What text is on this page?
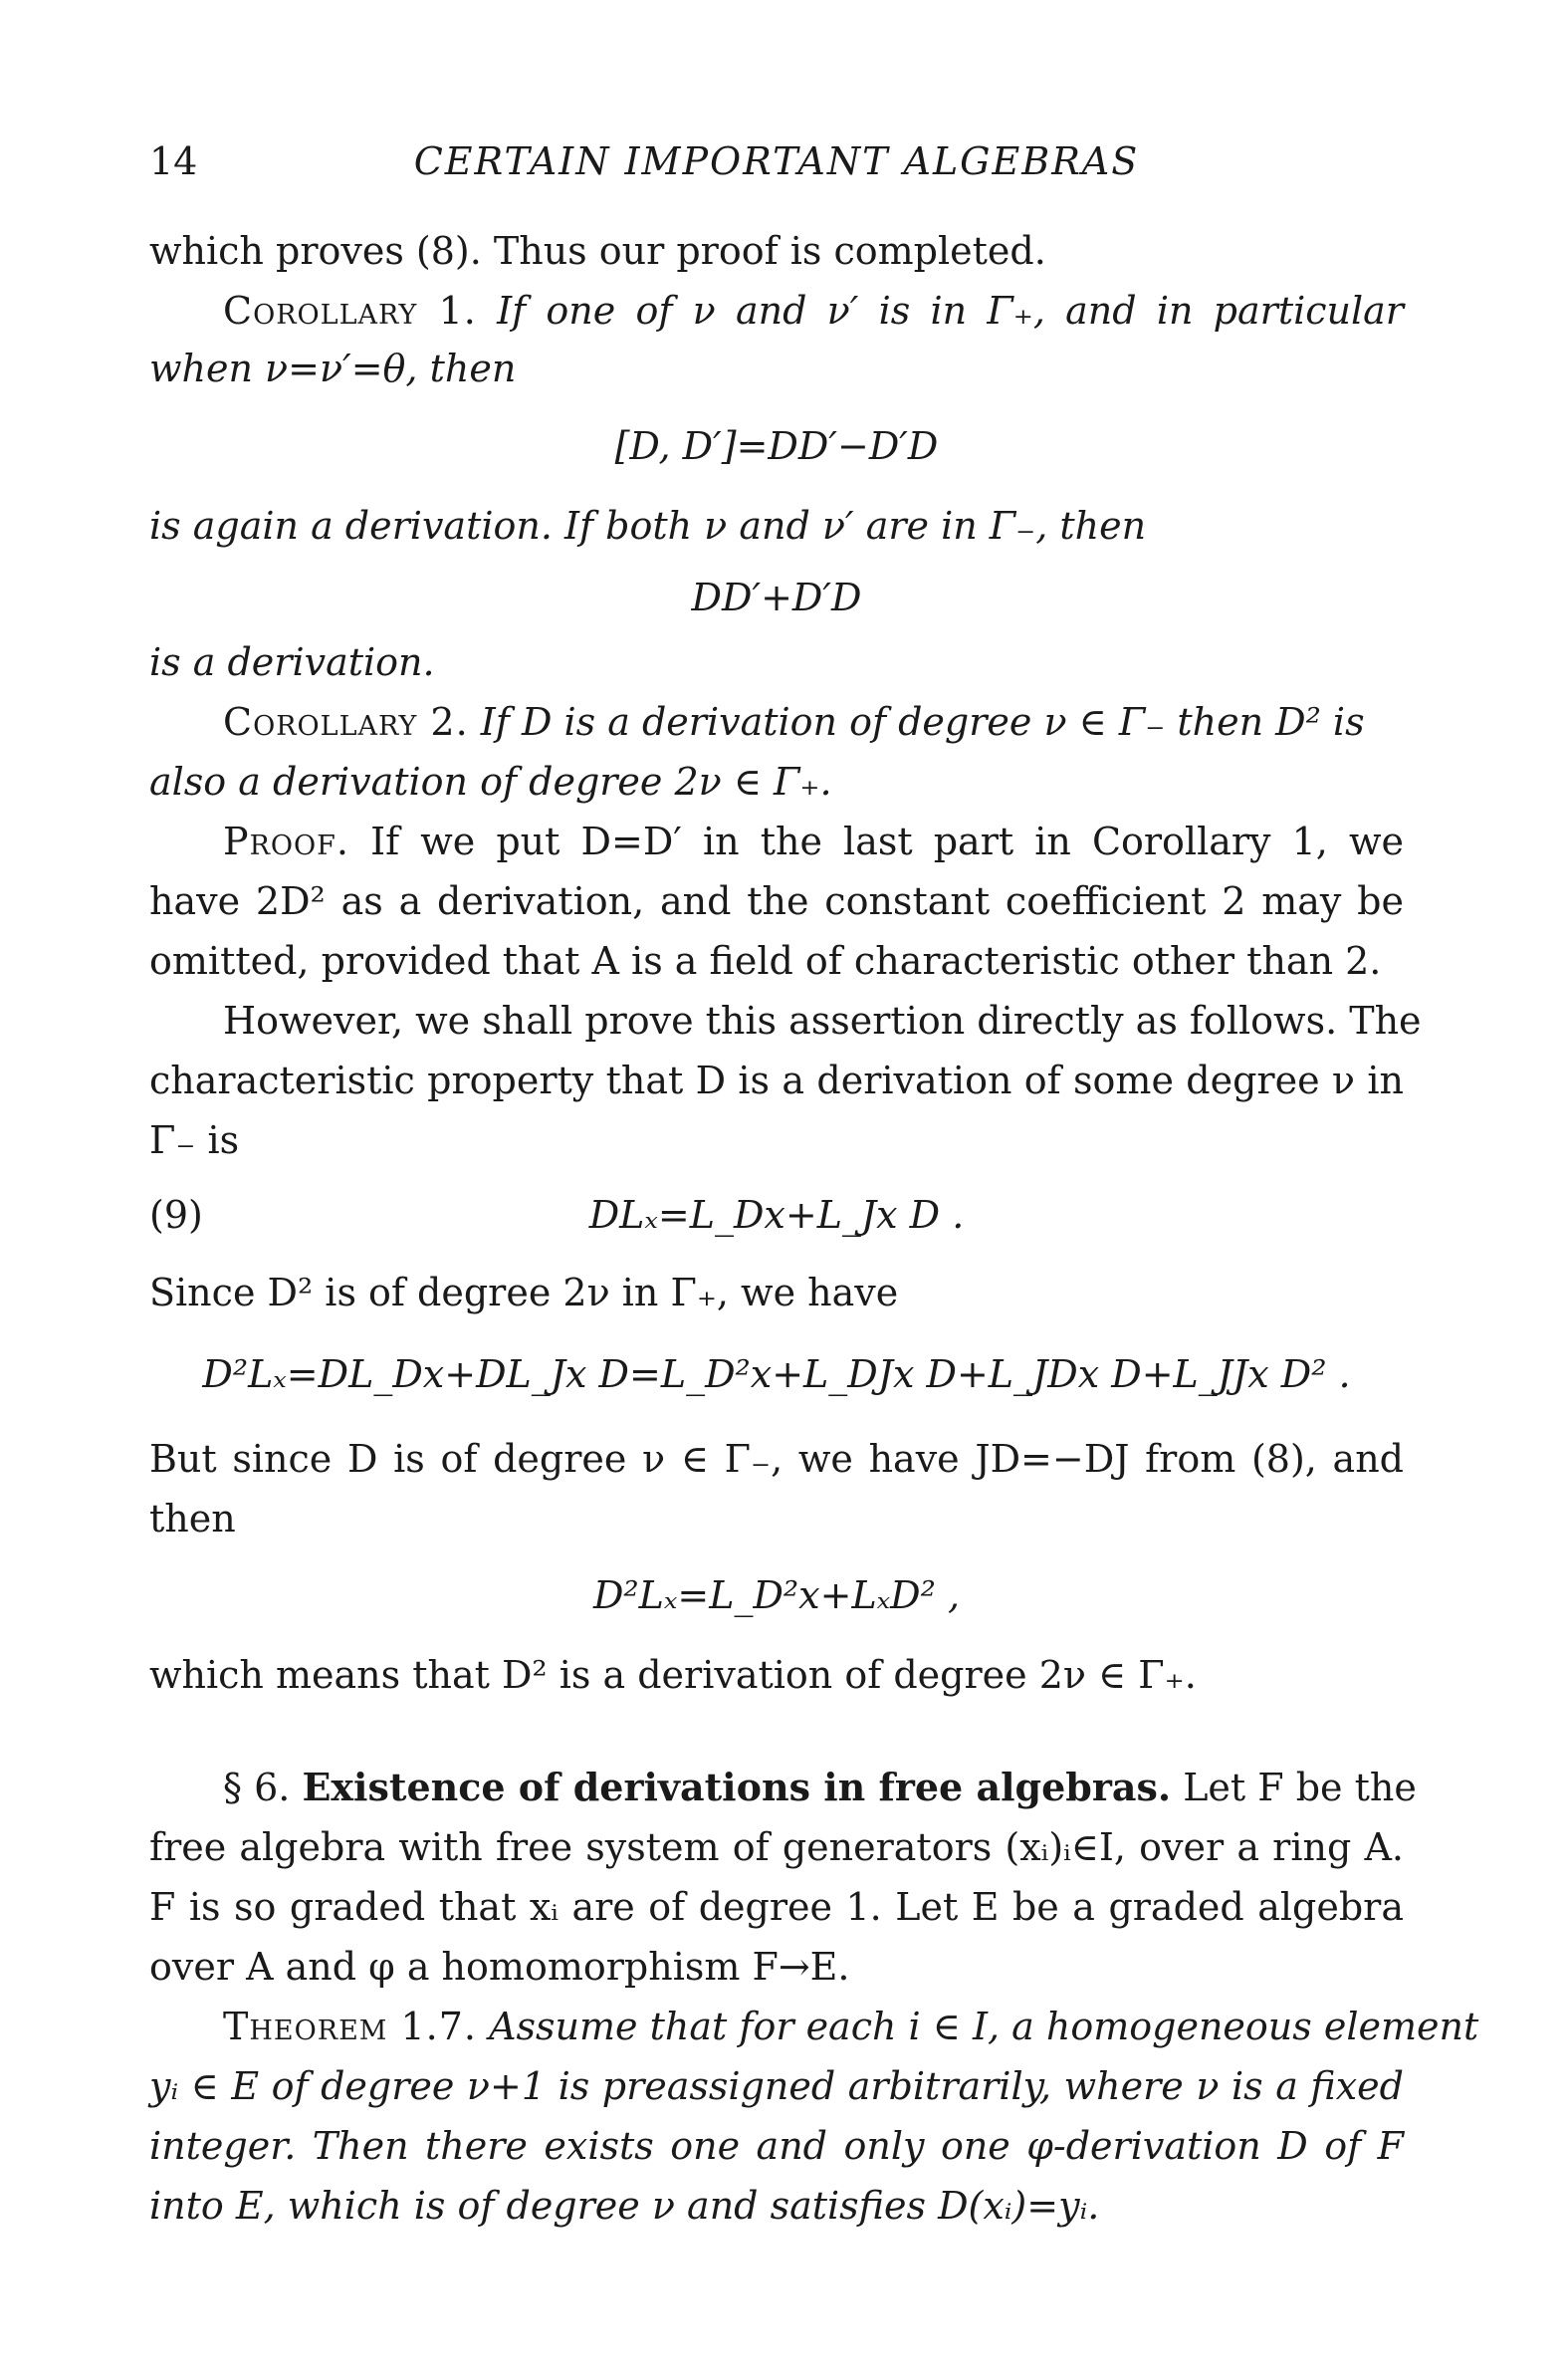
14	CERTAIN IMPORTANT ALGEBRAS
which proves (8). Thus our proof is completed.
Corollary 1. If one of ν and ν′ is in Γ₊, and in particular
when ν=ν′=θ, then
[D, D′]=DD′−D′D
is again a derivation. If both ν and ν′ are in Γ₋, then
DD′+D′D
is a derivation.
Corollary 2. If D is a derivation of degree ν ∈ Γ₋ then D² is
also a derivation of degree 2ν ∈ Γ₊.
Proof. If we put D=D′ in the last part in Corollary 1, we
have 2D² as a derivation, and the constant coefficient 2 may be
omitted, provided that A is a field of characteristic other than 2.
However, we shall prove this assertion directly as follows. The
characteristic property that D is a derivation of some degree ν in
Γ₋ is
(9)	DLₓ=L_Dx+L_Jx D .
Since D² is of degree 2ν in Γ₊, we have
D²Lₓ=DL_Dx+DL_Jx D=L_D²x+L_DJx D+L_JDx D+L_JJx D² .
But since D is of degree ν ∈ Γ₋, we have JD=−DJ from (8), and
then
D²Lₓ=L_D²x+LₓD² ,
which means that D² is a derivation of degree 2ν ∈ Γ₊.
§ 6. Existence of derivations in free algebras. Let F be the
free algebra with free system of generators (xᵢ)ᵢ∈I, over a ring A.
F is so graded that xᵢ are of degree 1. Let E be a graded algebra
over A and φ a homomorphism F→E.
Theorem 1.7. Assume that for each i ∈ I, a homogeneous element
yᵢ ∈ E of degree ν+1 is preassigned arbitrarily, where ν is a fixed
integer. Then there exists one and only one φ-derivation D of F
into E, which is of degree ν and satisfies D(xᵢ)=yᵢ.
